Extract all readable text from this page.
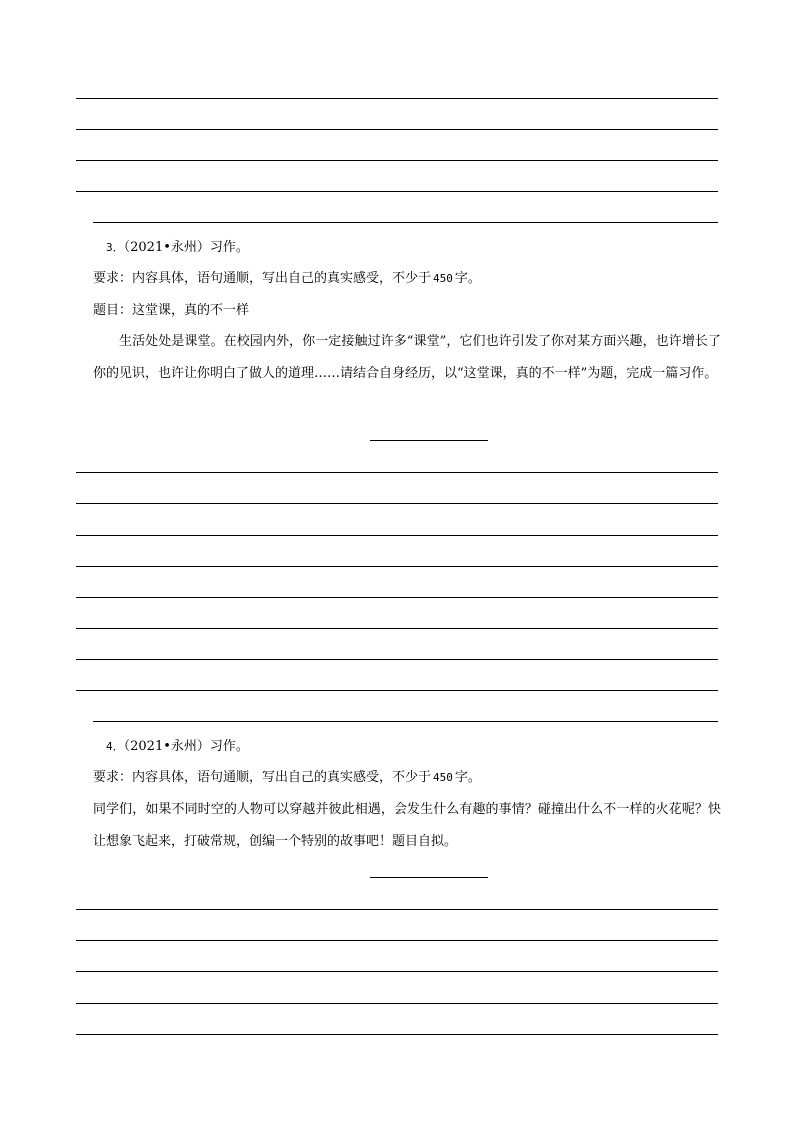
3．（2021•永州）习作。
要求：内容具体，语句通顺，写出自己的真实感受，不少于 450 字。
题目：这堂课，真的不一样
生活处处是课堂。在校园内外，你一定接触过许多“课堂”，它们也许引发了你对某方面兴趣，也许增长了你的见识，也许让你明白了做人的道理……请结合自身经历，以“这堂课，真的不一样”为题，完成一篇习作。
4．（2021•永州）习作。
要求：内容具体，语句通顺，写出自己的真实感受，不少于 450 字。
同学们，如果不同时空的人物可以穿越并彼此相遇，会发生什么有趣的事情？碰撞出什么不一样的火花呢？快让想象飞起来，打破常规，创编一个特别的故事吧！题目自拟。
